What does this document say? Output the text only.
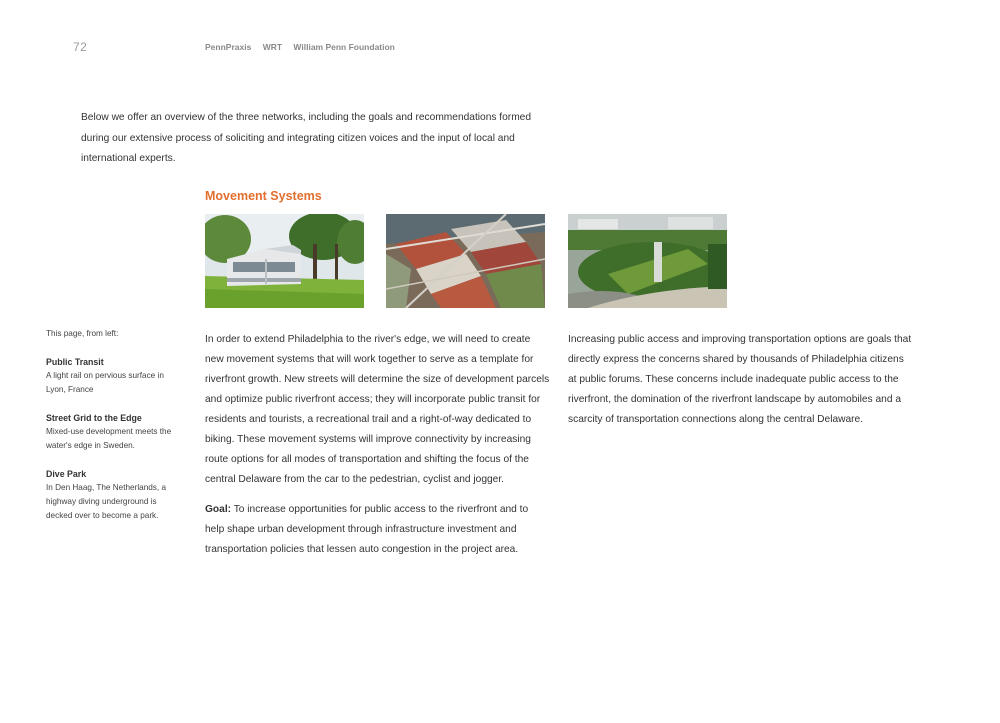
72	PennPraxis WRT William Penn Foundation
Below we offer an overview of the three networks, including the goals and recommendations formed during our extensive process of soliciting and integrating citizen voices and the input of local and international experts.
Movement Systems
This page, from left:
Public Transit
A light rail on pervious surface in Lyon, France
Street Grid to the Edge
Mixed-use development meets the water's edge in Sweden.
Dive Park
In Den Haag, The Netherlands, a highway diving underground is decked over to become a park.

In order to extend Philadelphia to the river's edge, we will need to create new movement systems that will work together to serve as a template for riverfront growth. New streets will determine the size of development parcels and optimize public riverfront access; they will incorporate public transit for residents and tourists, a recreational trail and a right-of-way dedicated to biking. These movement systems will improve connectivity by increasing route options for all modes of transportation and shifting the focus of the central Delaware from the car to the pedestrian, cyclist and jogger.

Goal: To increase opportunities for public access to the riverfront and to help shape urban development through infrastructure investment and transportation policies that lessen auto congestion in the project area.

Increasing public access and improving transportation options are goals that directly express the concerns shared by thousands of Philadelphia citizens at public forums. These concerns include inadequate public access to the riverfront, the domination of the riverfront landscape by automobiles and a scarcity of transportation connections along the central Delaware.
